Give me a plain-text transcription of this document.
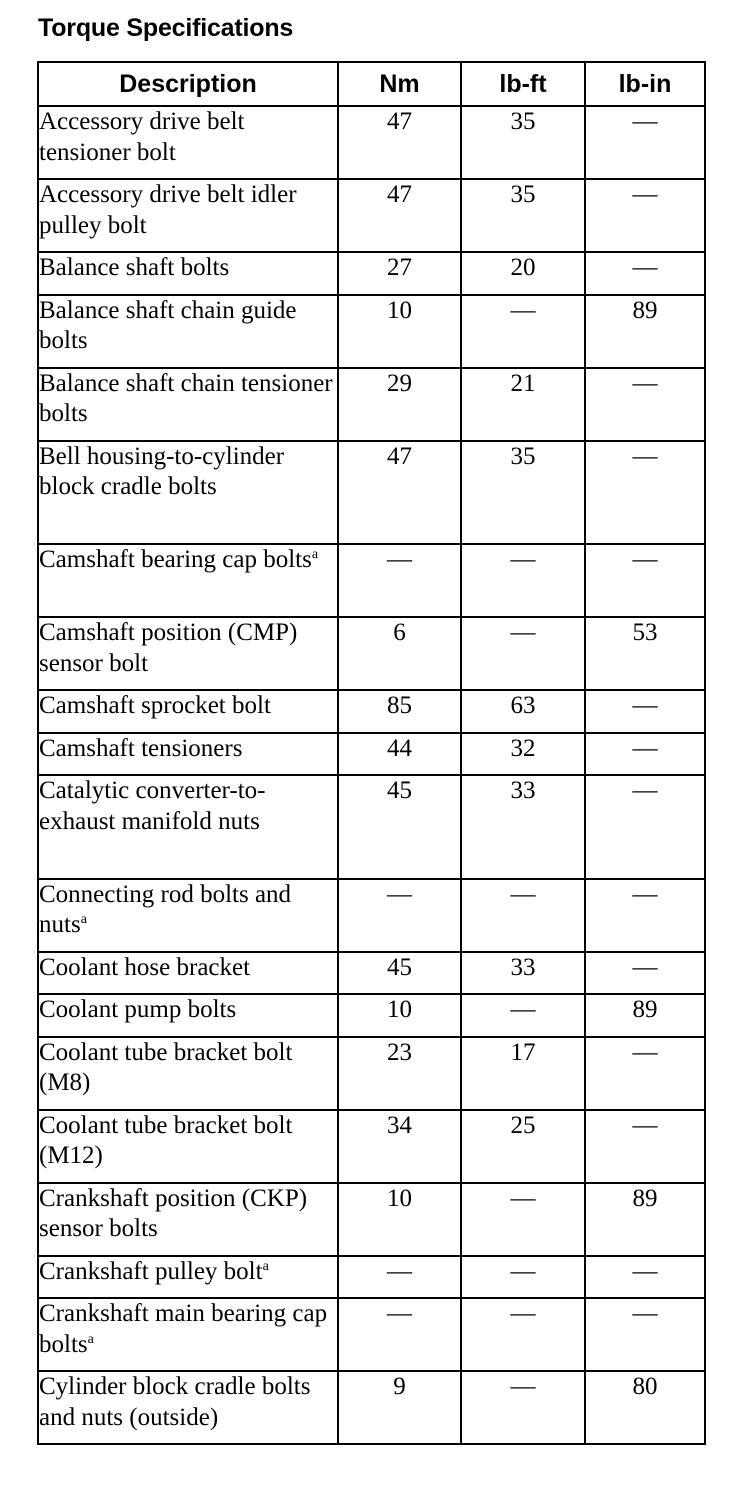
Torque Specifications
Description	Nm	lb-ft	lb-in
Accessory drive belt tensioner bolt	47	35	—
Accessory drive belt idler pulley bolt	47	35	—
Balance shaft bolts	27	20	—
Balance shaft chain guide bolts	10	—	89
Balance shaft chain tensioner bolts	29	21	—
Bell housing-to-cylinder block cradle bolts	47	35	—
Camshaft bearing cap bolts$^a$	—	—	—
Camshaft position (CMP) sensor bolt	6	—	53
Camshaft sprocket bolt	85	63	—
Camshaft tensioners	44	32	—
Catalytic converter-to-exhaust manifold nuts	45	33	—
Connecting rod bolts and nuts$^a$	—	—	—
Coolant hose bracket	45	33	—
Coolant pump bolts	10	—	89
Coolant tube bracket bolt (M8)	23	17	—
Coolant tube bracket bolt (M12)	34	25	—
Crankshaft position (CKP) sensor bolts	10	—	89
Crankshaft pulley bolt$^a$	—	—	—
Crankshaft main bearing cap bolts$^a$	—	—	—
Cylinder block cradle bolts and nuts (outside)	9	—	80
